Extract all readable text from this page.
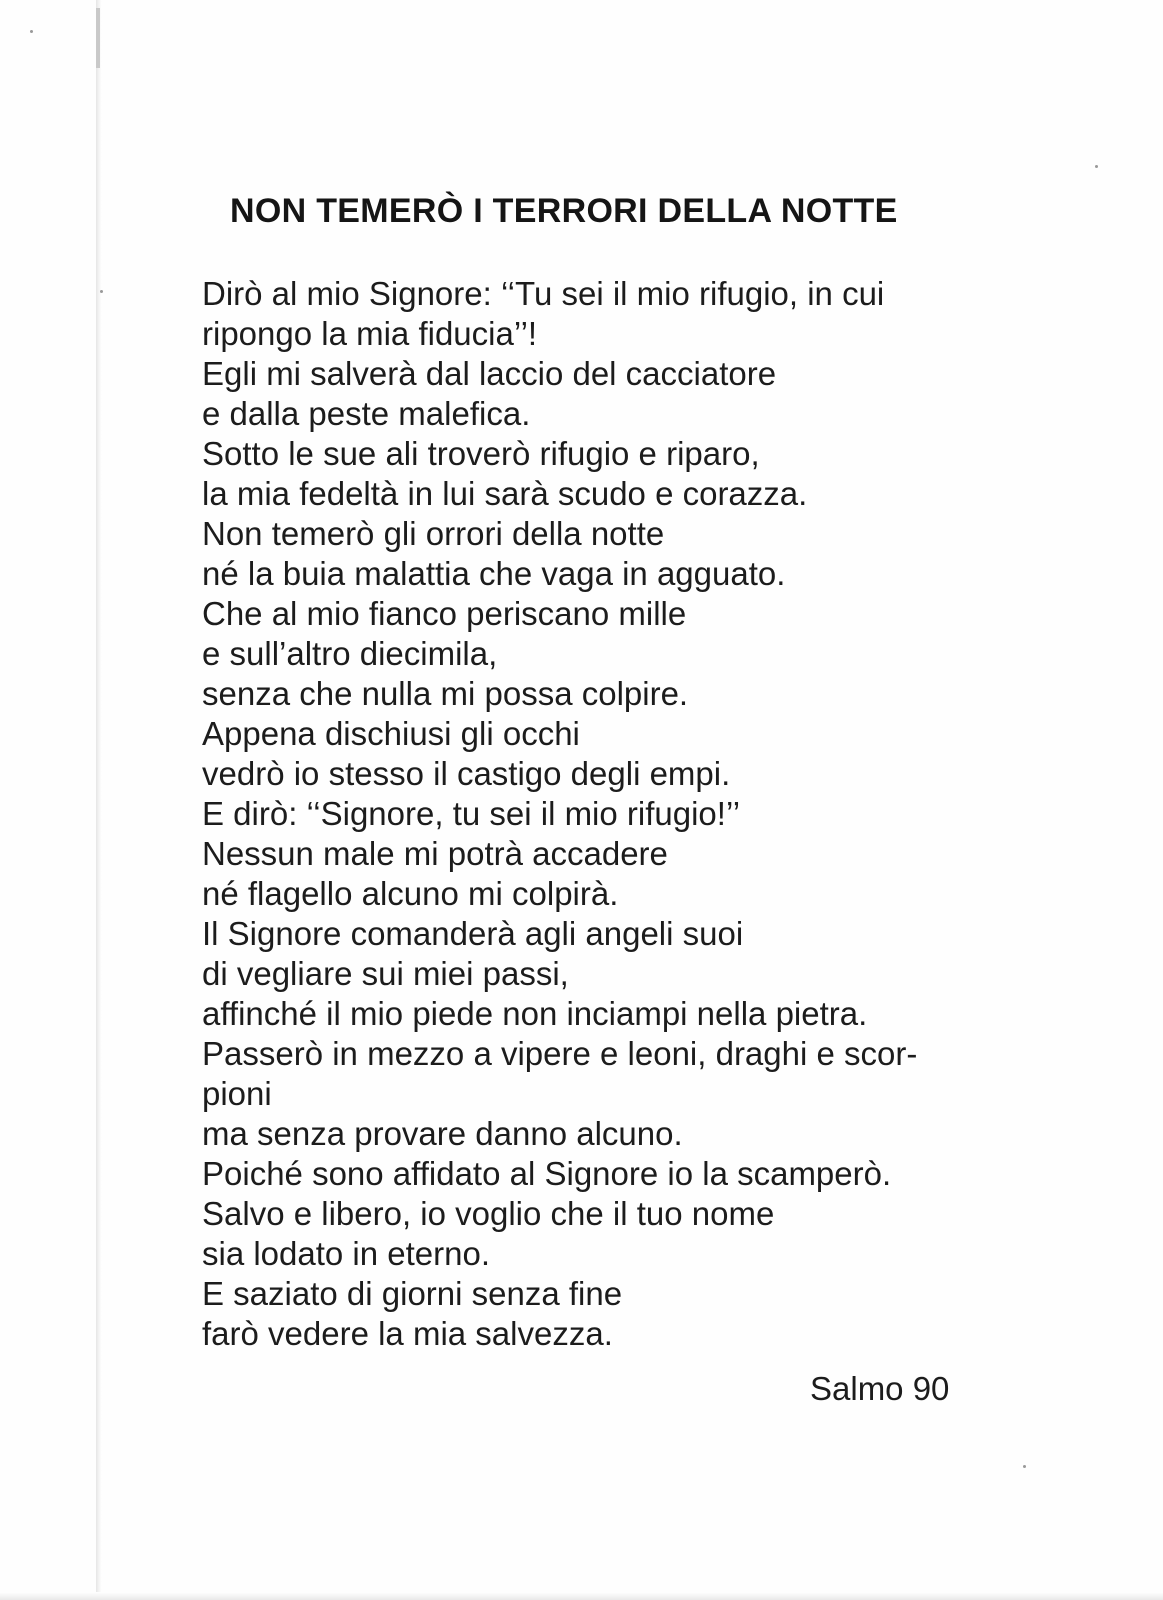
NON TEMERÒ I TERRORI DELLA NOTTE
Dirò al mio Signore: ‘‘Tu sei il mio rifugio, in cui
ripongo la mia fiducia’’!
Egli mi salverà dal laccio del cacciatore
e dalla peste malefica.
Sotto le sue ali troverò rifugio e riparo,
la mia fedeltà in lui sarà scudo e corazza.
Non temerò gli orrori della notte
né la buia malattia che vaga in agguato.
Che al mio fianco periscano mille
e sull’altro diecimila,
senza che nulla mi possa colpire.
Appena dischiusi gli occhi
vedrò io stesso il castigo degli empi.
E dirò: ‘‘Signore, tu sei il mio rifugio!’’
Nessun male mi potrà accadere
né flagello alcuno mi colpirà.
Il Signore comanderà agli angeli suoi
di vegliare sui miei passi,
affinché il mio piede non inciampi nella pietra.
Passerò in mezzo a vipere e leoni, draghi e scor-
pioni
ma senza provare danno alcuno.
Poiché sono affidato al Signore io la scamperò.
Salvo e libero, io voglio che il tuo nome
sia lodato in eterno.
E saziato di giorni senza fine
farò vedere la mia salvezza.
Salmo 90
